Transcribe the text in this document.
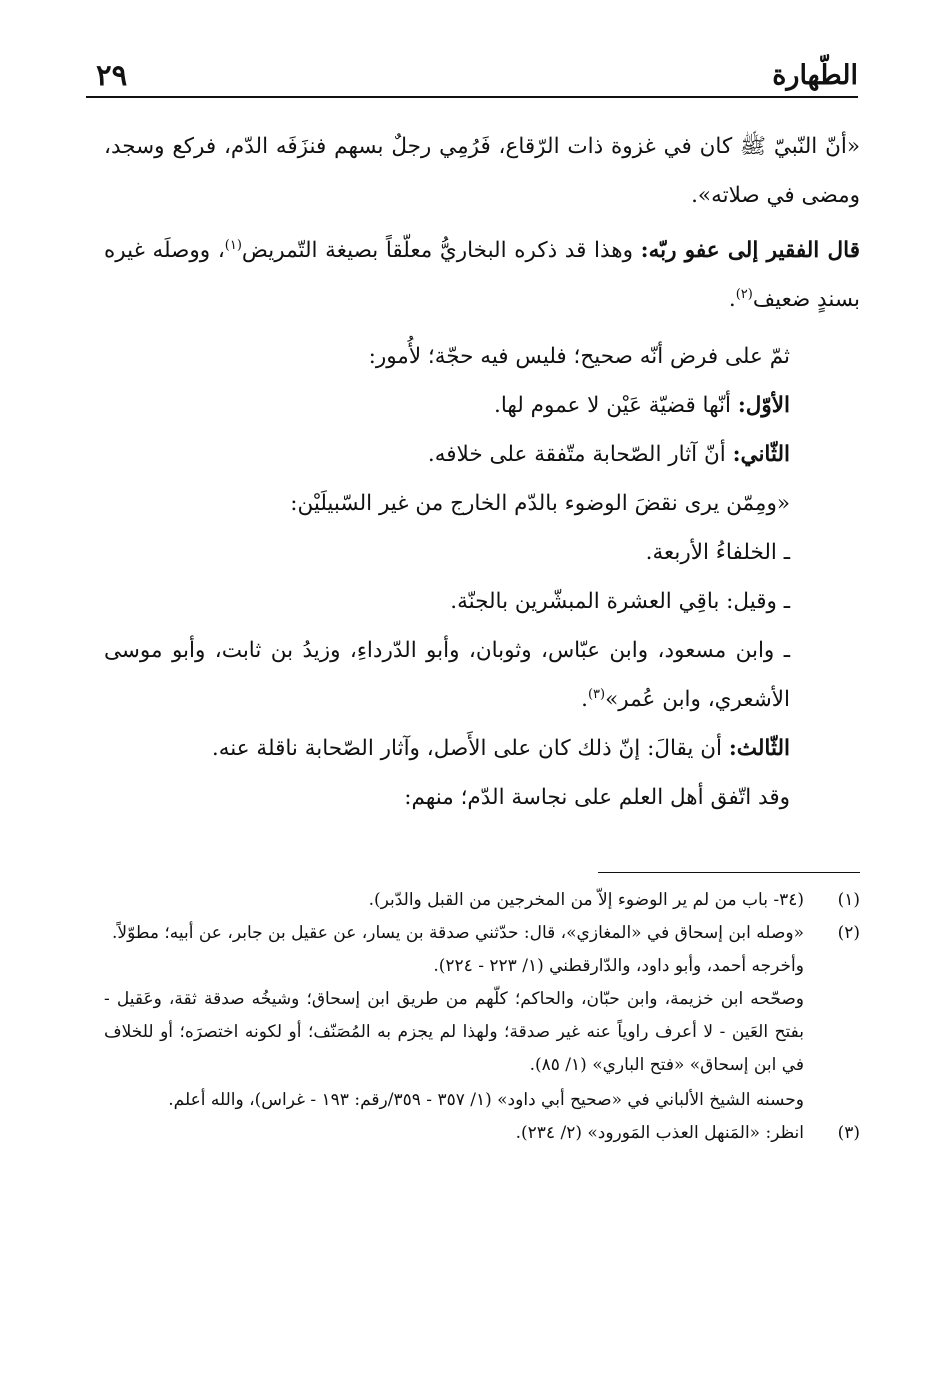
الطّهارة
٢٩

«أنّ النّبيّ ﷺ كان في غزوة ذات الرّقاع، فَرُمِي رجلٌ بسهم فنزَفَه الدّم، فركع وسجد، ومضى في صلاته».

قال الفقير إلى عفو ربّه: وهذا قد ذكره البخاريُّ معلّقاً بصيغة التّمريض$^{(١)}$، ووصلَه غيره بسندٍ ضعيف$^{(٢)}$.

ثمّ على فرض أنّه صحيح؛ فليس فيه حجّة؛ لأُمور:

الأوّل: أنّها قضيّة عَيْن لا عموم لها.

الثّاني: أنّ آثار الصّحابة متّفقة على خلافه.

«ومِمّن يرى نقضَ الوضوء بالدّم الخارج من غير السّبيلَيْن:

ـ الخلفاءُ الأربعة.

ـ وقيل: باقِي العشرة المبشّرين بالجنّة.

ـ وابن مسعود، وابن عبّاس، وثوبان، وأبو الدّرداءِ، وزيدُ بن ثابت، وأبو موسى الأشعري، وابن عُمر»$^{(٣)}$.

الثّالث: أن يقالَ: إنّ ذلك كان على الأَصل، وآثار الصّحابة ناقلة عنه.

وقد اتّفق أهل العلم على نجاسة الدّم؛ منهم:

(١)

(٣٤- باب من لم ير الوضوء إلاّ من المخرجين من القبل والدّبر).

(٢)

«وصله ابن إسحاق في «المغازي»، قال: حدّثني صدقة بن يسار، عن عقيل بن جابر، عن أبيه؛ مطوّلاً.

وأخرجه أحمد، وأبو داود، والدّارقطني (١/ ٢٢٣ - ٢٢٤).

وصحّحه ابن خزيمة، وابن حبّان، والحاكم؛ كلّهم من طريق ابن إسحاق؛ وشيخُه صدقة ثقة، وعَقيل - بفتح العَين - لا أعرف راوياً عنه غير صدقة؛ ولهذا لم يجزم به المُصَنّف؛ أو لكونه اختصرَه؛ أو للخلاف في ابن إسحاق» «فتح الباري» (١/ ٨٥).

وحسنه الشيخ الألباني في «صحيح أبي داود» (١/ ٣٥٧ - ٣٥٩/رقم: ١٩٣ - غراس)، والله أعلم.

(٣)

انظر: «المَنهل العذب المَورود» (٢/ ٢٣٤).
